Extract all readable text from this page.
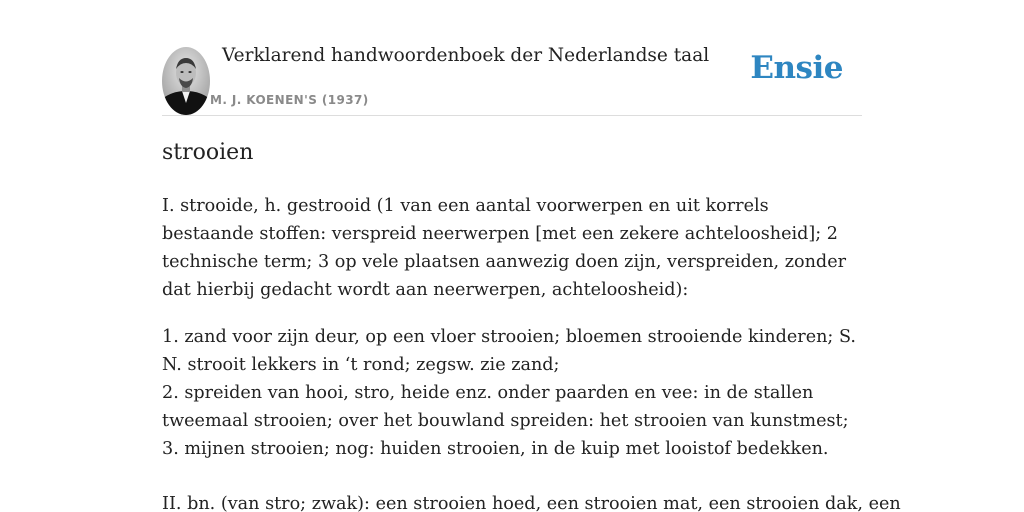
Verklarend handwoordenboek der Nederlandse taal
M. J. KOENEN'S (1937)
Ensie
strooien

I. strooide, h. gestrooid (1 van een aantal voorwerpen en uit korrels bestaande stoffen: verspreid neerwerpen [met een zekere achteloosheid]; 2 technische term; 3 op vele plaatsen aanwezig doen zijn, verspreiden, zonder dat hierbij gedacht wordt aan neerwerpen, achteloosheid):

1. zand voor zijn deur, op een vloer strooien; bloemen strooiende kinderen; S. N. strooit lekkers in ‘t rond; zegsw. zie zand;
2. spreiden van hooi, stro, heide enz. onder paarden en vee: in de stallen tweemaal strooien; over het bouwland spreiden: het strooien van kunstmest;
3. mijnen strooien; nog: huiden strooien, in de kuip met looistof bedekken.

II. bn. (van stro; zwak): een strooien hoed, een strooien mat, een strooien dak, een
